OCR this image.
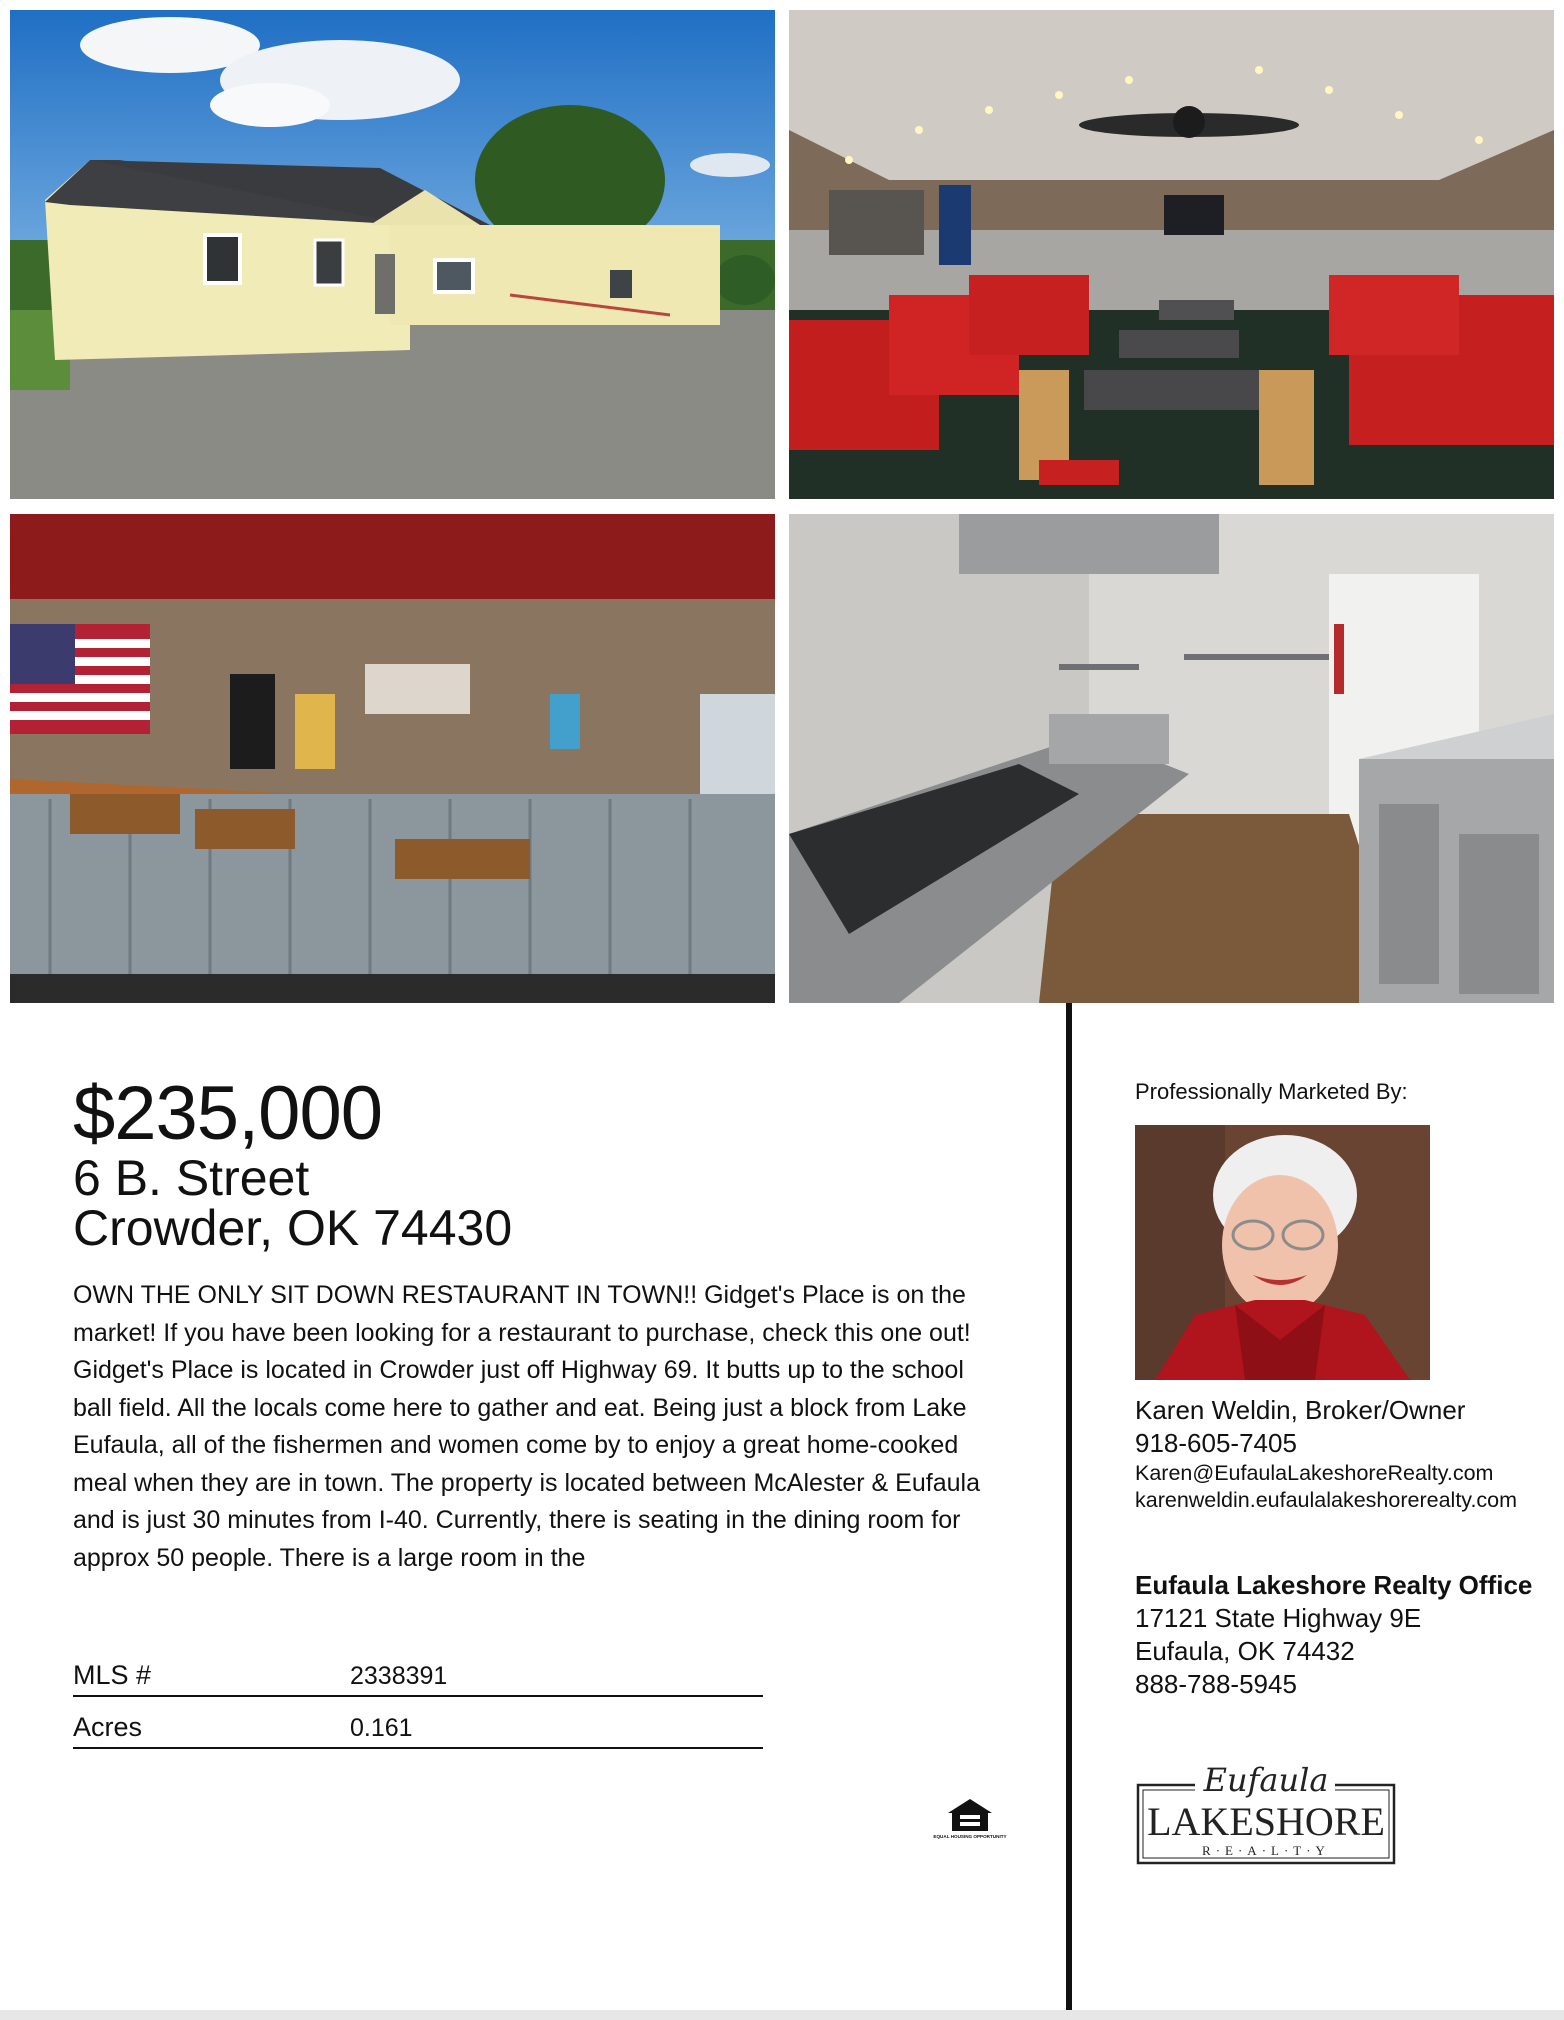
$235,000
6 B. Street
Crowder, OK 74430
OWN THE ONLY SIT DOWN RESTAURANT IN TOWN!! Gidget's Place is on the market! If you have been looking for a restaurant to purchase, check this one out! Gidget's Place is located in Crowder just off Highway 69. It butts up to the school ball field. All the locals come here to gather and eat. Being just a block from Lake Eufaula, all of the fishermen and women come by to enjoy a great home-cooked meal when they are in town. The property is located between McAlester & Eufaula and is just 30 minutes from I-40. Currently, there is seating in the dining room for approx 50 people. There is a large room in the
MLS #	2338391
Acres	0.161
EQUAL HOUSING OPPORTUNITY
Professionally Marketed By:
Karen Weldin, Broker/Owner
918-605-7405
Karen@EufaulaLakeshoreRealty.com
karenweldin.eufaulalakeshorerealty.com
Eufaula Lakeshore Realty Office
17121 State Highway 9E
Eufaula, OK 74432
888-788-5945
Eufaula
LAKESHORE
R·E·A·L·T·Y
